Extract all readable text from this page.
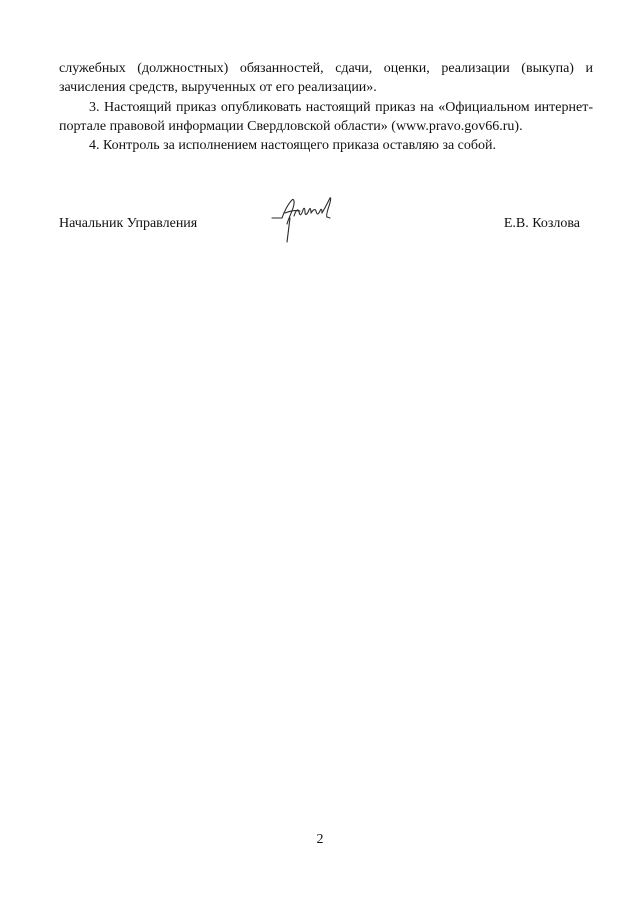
служебных (должностных) обязанностей, сдачи, оценки, реализации (выкупа) и зачисления средств, вырученных от его реализации».

3. Настоящий приказ опубликовать настоящий приказ на «Официальном интернет-портале правовой информации Свердловской области» (www.pravo.gov66.ru).

4. Контроль за исполнением настоящего приказа оставляю за собой.

Начальник Управления	Е.В. Козлова
2
